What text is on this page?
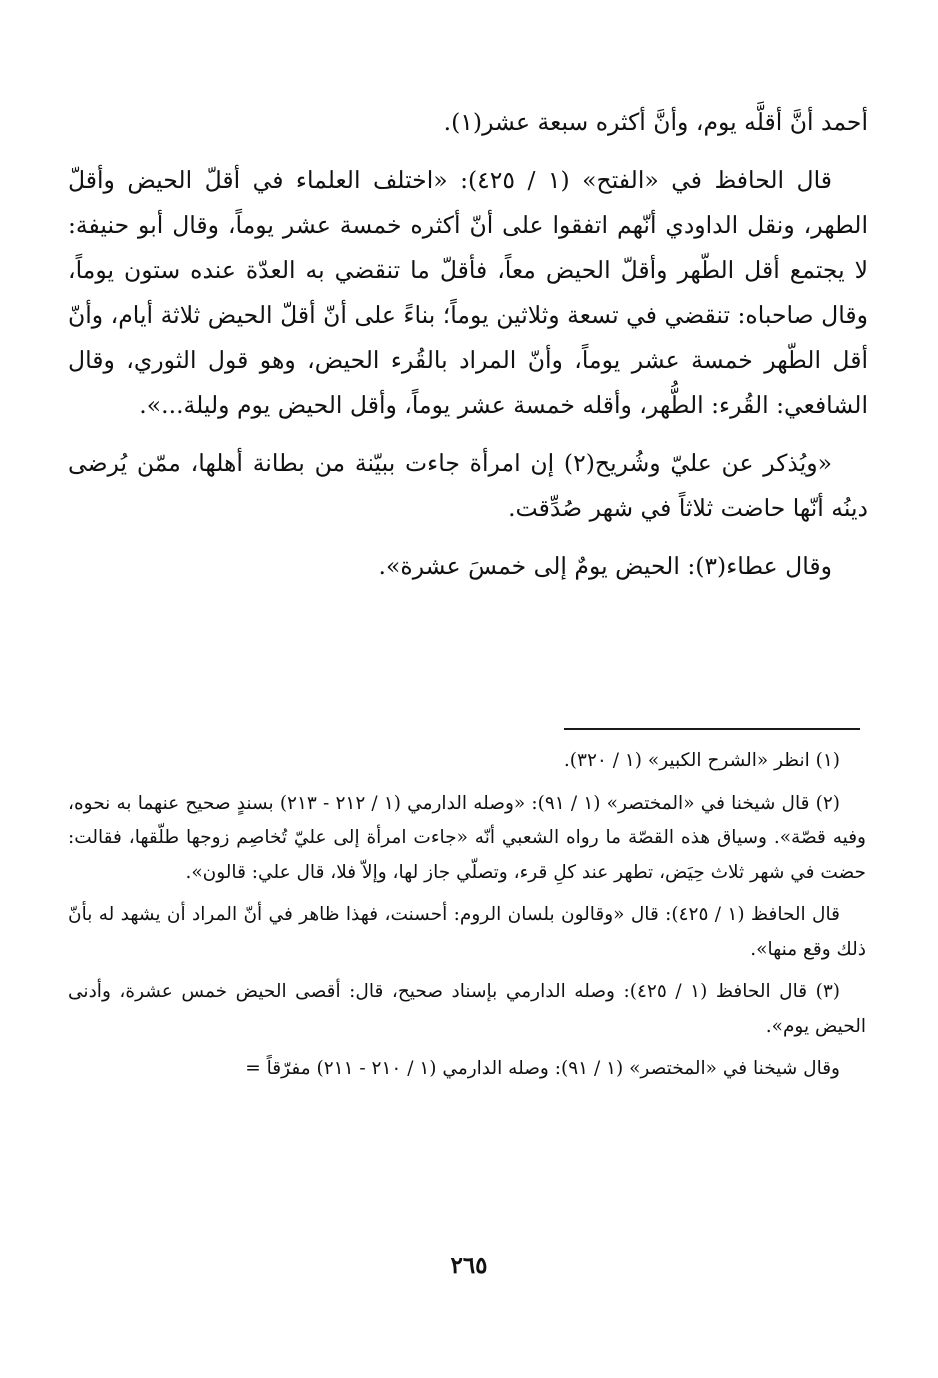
أحمد أنَّ أقلَّه يوم، وأنَّ أكثره سبعة عشر(١).

قال الحافظ في «الفتح» (١ / ٤٢٥): «اختلف العلماء في أقلّ الحيض وأقلّ الطهر، ونقل الداودي أنّهم اتفقوا على أنّ أكثره خمسة عشر يوماً، وقال أبو حنيفة: لا يجتمع أقل الطّهر وأقلّ الحيض معاً، فأقلّ ما تنقضي به العدّة عنده ستون يوماً، وقال صاحباه: تنقضي في تسعة وثلاثين يوماً؛ بناءً على أنّ أقلّ الحيض ثلاثة أيام، وأنّ أقل الطّهر خمسة عشر يوماً، وأنّ المراد بالقُرء الحيض، وهو قول الثوري، وقال الشافعي: القُرء: الطُّهر، وأقله خمسة عشر يوماً، وأقل الحيض يوم وليلة...».

«ويُذكر عن عليّ وشُريح(٢) إن امرأة جاءت ببيّنة من بطانة أهلها، ممّن يُرضى دينُه أنّها حاضت ثلاثاً في شهر صُدِّقت.

وقال عطاء(٣): الحيض يومٌ إلى خمسَ عشرة».

(١) انظر «الشرح الكبير» (١ / ٣٢٠).

(٢) قال شيخنا في «المختصر» (١ / ٩١): «وصله الدارمي (١ / ٢١٢ - ٢١٣) بسندٍ صحيح عنهما به نحوه، وفيه قصّة». وسياق هذه القصّة ما رواه الشعبي أنّه «جاءت امرأة إلى عليّ تُخاصِم زوجها طلّقها، فقالت: حضت في شهر ثلاث حِيَض، تطهر عند كلِ قرء، وتصلّي جاز لها، وإلاّ فلا، قال علي: قالون».

قال الحافظ (١ / ٤٢٥): قال «وقالون بلسان الروم: أحسنت، فهذا ظاهر في أنّ المراد أن يشهد له بأنّ ذلك وقع منها».

(٣) قال الحافظ (١ / ٤٢٥): وصله الدارمي بإسناد صحيح، قال: أقصى الحيض خمس عشرة، وأدنى الحيض يوم».

وقال شيخنا في «المختصر» (١ / ٩١): وصله الدارمي (١ / ٢١٠ - ٢١١) مفرّقاً =

٢٦٥
